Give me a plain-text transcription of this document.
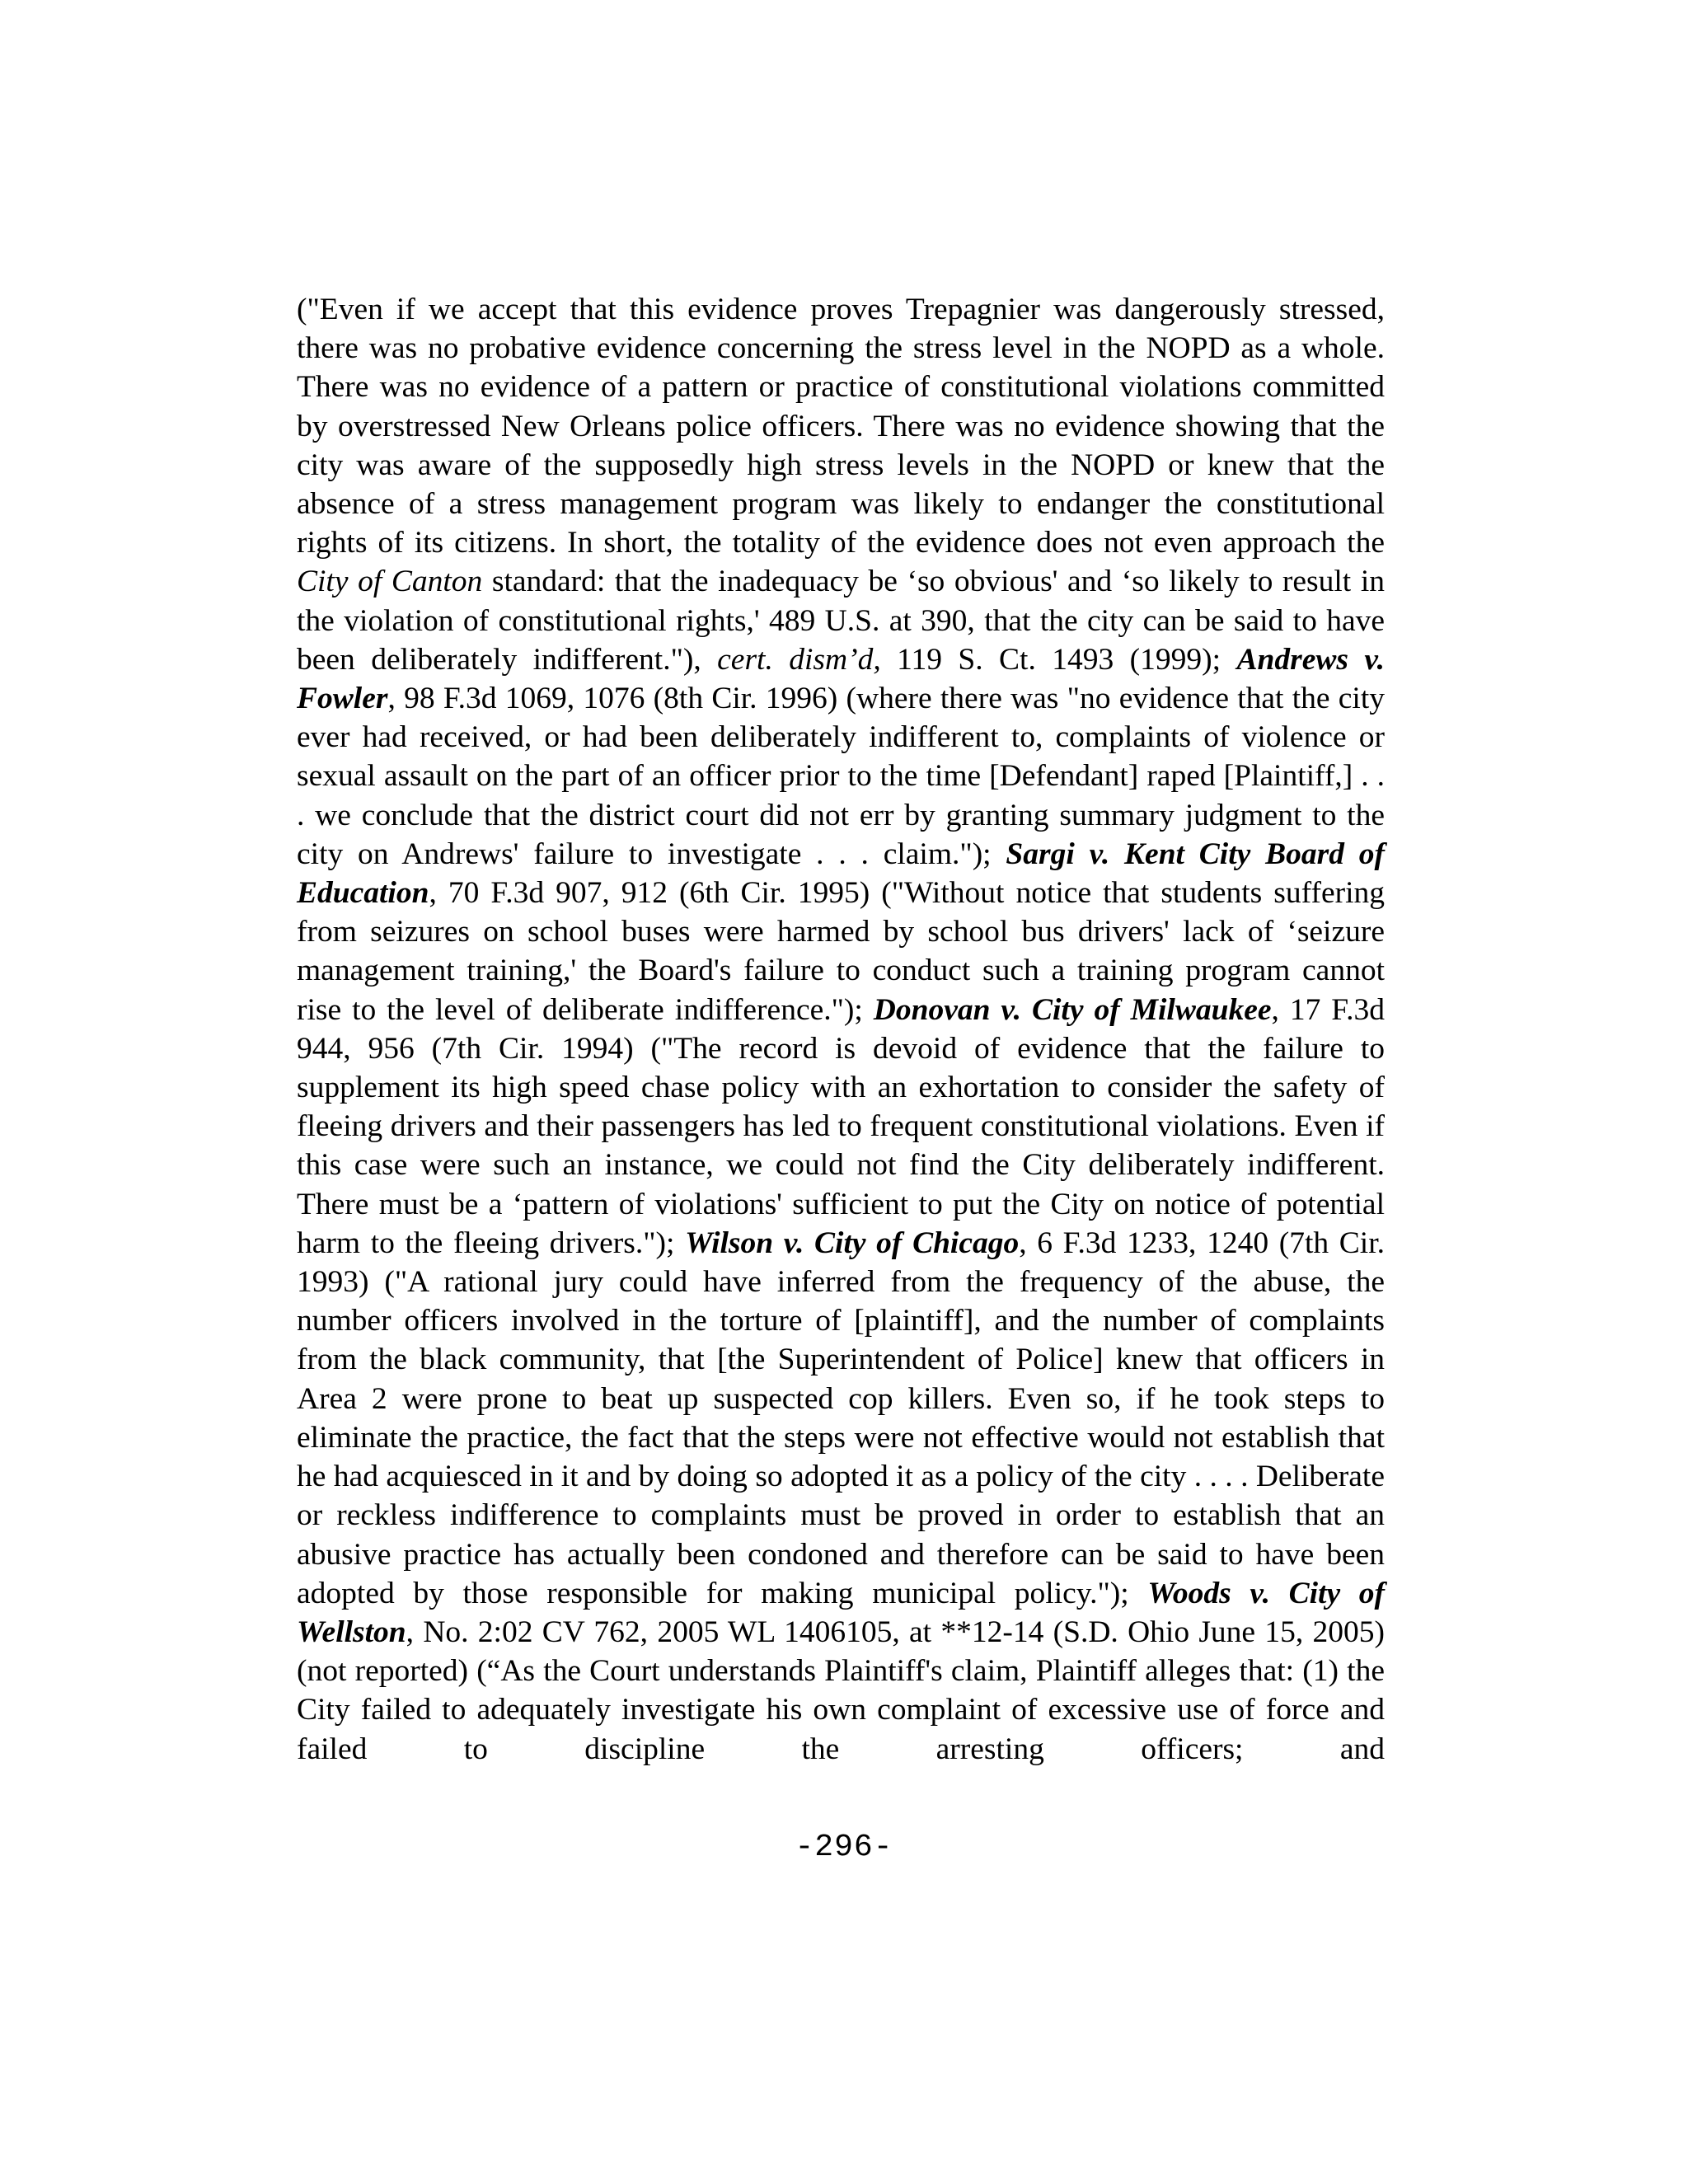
("Even if we accept that this evidence proves Trepagnier was dangerously stressed, there was no probative evidence concerning the stress level in the NOPD as a whole. There was no evidence of a pattern or practice of constitutional violations committed by overstressed New Orleans police officers. There was no evidence showing that the city was aware of the supposedly high stress levels in the NOPD or knew that the absence of a stress management program was likely to endanger the constitutional rights of its citizens. In short, the totality of the evidence does not even approach the City of Canton standard: that the inadequacy be ‘so obvious' and ‘so likely to result in the violation of constitutional rights,' 489 U.S. at 390, that the city can be said to have been deliberately indifferent."), cert. dism’d, 119 S. Ct. 1493 (1999); Andrews v. Fowler, 98 F.3d 1069, 1076 (8th Cir. 1996) (where there was "no evidence that the city ever had received, or had been deliberately indifferent to, complaints of violence or sexual assault on the part of an officer prior to the time [Defendant] raped [Plaintiff,] . . . we conclude that the district court did not err by granting summary judgment to the city on Andrews' failure to investigate . . . claim."); Sargi v. Kent City Board of Education, 70 F.3d 907, 912 (6th Cir. 1995) ("Without notice that students suffering from seizures on school buses were harmed by school bus drivers' lack of ‘seizure management training,' the Board's failure to conduct such a training program cannot rise to the level of deliberate indifference."); Donovan v. City of Milwaukee, 17 F.3d 944, 956 (7th Cir. 1994) ("The record is devoid of evidence that the failure to supplement its high speed chase policy with an exhortation to consider the safety of fleeing drivers and their passengers has led to frequent constitutional violations. Even if this case were such an instance, we could not find the City deliberately indifferent. There must be a ‘pattern of violations' sufficient to put the City on notice of potential harm to the fleeing drivers."); Wilson v. City of Chicago, 6 F.3d 1233, 1240 (7th Cir. 1993) ("A rational jury could have inferred from the frequency of the abuse, the number officers involved in the torture of [plaintiff], and the number of complaints from the black community, that [the Superintendent of Police] knew that officers in Area 2 were prone to beat up suspected cop killers. Even so, if he took steps to eliminate the practice, the fact that the steps were not effective would not establish that he had acquiesced in it and by doing so adopted it as a policy of the city . . . . Deliberate or reckless indifference to complaints must be proved in order to establish that an abusive practice has actually been condoned and therefore can be said to have been adopted by those responsible for making municipal policy."); Woods v. City of Wellston, No. 2:02 CV 762, 2005 WL 1406105, at **12-14 (S.D. Ohio June 15, 2005) (not reported) (“As the Court understands Plaintiff's claim, Plaintiff alleges that: (1) the City failed to adequately investigate his own complaint of excessive use of force and failed to discipline the arresting officers; and

-296-
